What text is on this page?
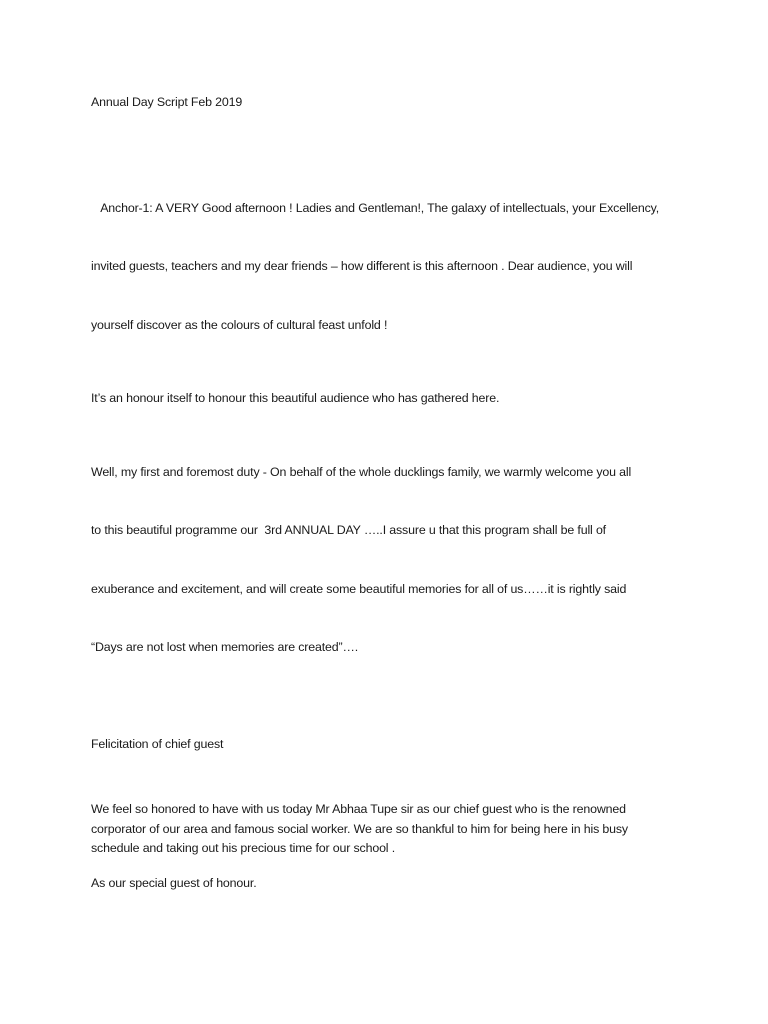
Annual Day Script Feb 2019

Anchor-1: A VERY Good afternoon ! Ladies and Gentleman!, The galaxy of intellectuals, your Excellency,

invited guests, teachers and my dear friends – how different is this afternoon . Dear audience, you will

yourself discover as the colours of cultural feast unfold !

It’s an honour itself to honour this beautiful audience who has gathered here.

Well, my first and foremost duty - On behalf of the whole ducklings family, we warmly welcome you all

to this beautiful programme our  3rd ANNUAL DAY …..I assure u that this program shall be full of

exuberance and excitement, and will create some beautiful memories for all of us……it is rightly said

“Days are not lost when memories are created”….

Felicitation of chief guest

We feel so honored to have with us today Mr Abhaa Tupe sir as our chief guest who is the renowned
corporator of our area and famous social worker. We are so thankful to him for being here in his busy
schedule and taking out his precious time for our school .

As our special guest of honour.
